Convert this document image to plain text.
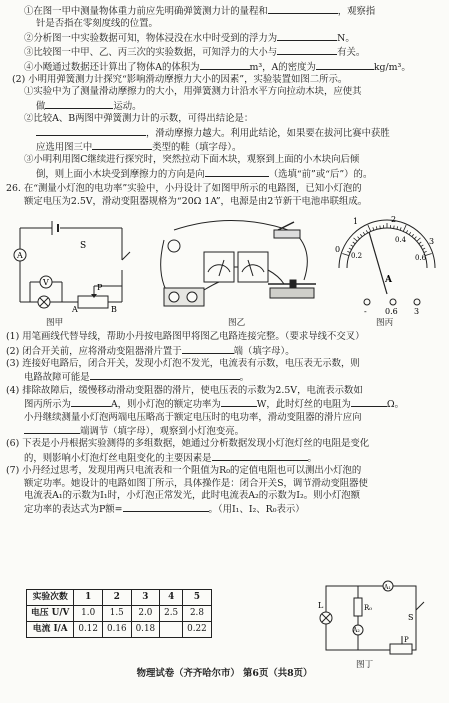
①在图一甲中测量物体重力前应先明确弹簧测力计的量程和	，观察指
针是否指在零刻度线的位置。
②分析图一中实验数据可知，物体浸没在水中时受到的浮力为	N。
③比较图一中甲、乙、丙三次的实验数据，可知浮力的大小与	有关。
④小飏通过数据还计算出了物体A的体积为	m³，A的密度为	kg/m³。
(2) 小明用弹簧测力计探究“影响滑动摩擦力大小的因素”，实验装置如图二所示。
①实验中为了测量滑动摩擦力的大小，用弹簧测力计沿水平方向拉动木块，应使其
做	运动。
②比较A、B两图中弹簧测力计的示数，可得出结论是：
，滑动摩擦力越大。利用此结论，如果要在拔河比赛中获胜
应选用图三中	类型的鞋（填字母）。
③小明利用图C继续进行探究时，突然拉动下面木块，观察到上面的小木块向后倾
倒，则上面小木块受到摩擦力的方向是向	（选填“前”或“后”）的。
26. 在“测量小灯泡的电功率”实验中，小丹设计了如图甲所示的电路图，已知小灯泡的
额定电压为2.5V，滑动变阻器规格为“20Ω 1A”，电源是由2节新干电池串联组成。
S
A
V
P
B
A
图甲	图乙
0
1	2
3
0.2
0.4
0.6
A
- 0.6 3
图丙
(1) 用笔画线代替导线，帮助小丹按电路图甲将图乙电路连接完整。（要求导线不交叉）
(2) 闭合开关前，应将滑动变阻器滑片置于	端（填字母）。
(3) 连接好电路后，闭合开关，发现小灯泡不发光，电流表有示数，电压表无示数，则
电路故障可能是	。
(4) 排除故障后，缓慢移动滑动变阻器的滑片，使电压表的示数为2.5V，电流表示数如
图丙所示为	A，则小灯泡的额定功率为	W，此时灯丝的电阻为	Ω。
小丹继续测量小灯泡两端电压略高于额定电压时的电功率，滑动变阻器的滑片应向
端调节（填字母），观察到小灯泡变亮。
(6) 下表是小丹根据实验测得的多组数据，她通过分析数据发现小灯泡灯丝的电阻是变化
的，则影响小灯泡灯丝电阻变化的主要因素是	。
(7) 小丹经过思考，发现用两只电流表和一个阻值为R₀的定值电阻也可以测出小灯泡的
额定功率。她设计的电路如图丁所示，具体操作是：闭合开关S，调节滑动变阻器使
电流表A₁的示数为I₁时，小灯泡正常发光，此时电流表A₂的示数为I₂。则小灯泡额
定功率的表达式为P额=	。（用I₁、I₂、R₀表示）
实验次数	1	2	3	4	5
电压 U/V	1.0	1.5	2.0	2.5	2.8
电流 I/A	0.12	0.16	0.18		0.22
L	R₀
A₁
A₂
S
P
图丁
物理试卷（齐齐哈尔市） 第6页（共8页）
